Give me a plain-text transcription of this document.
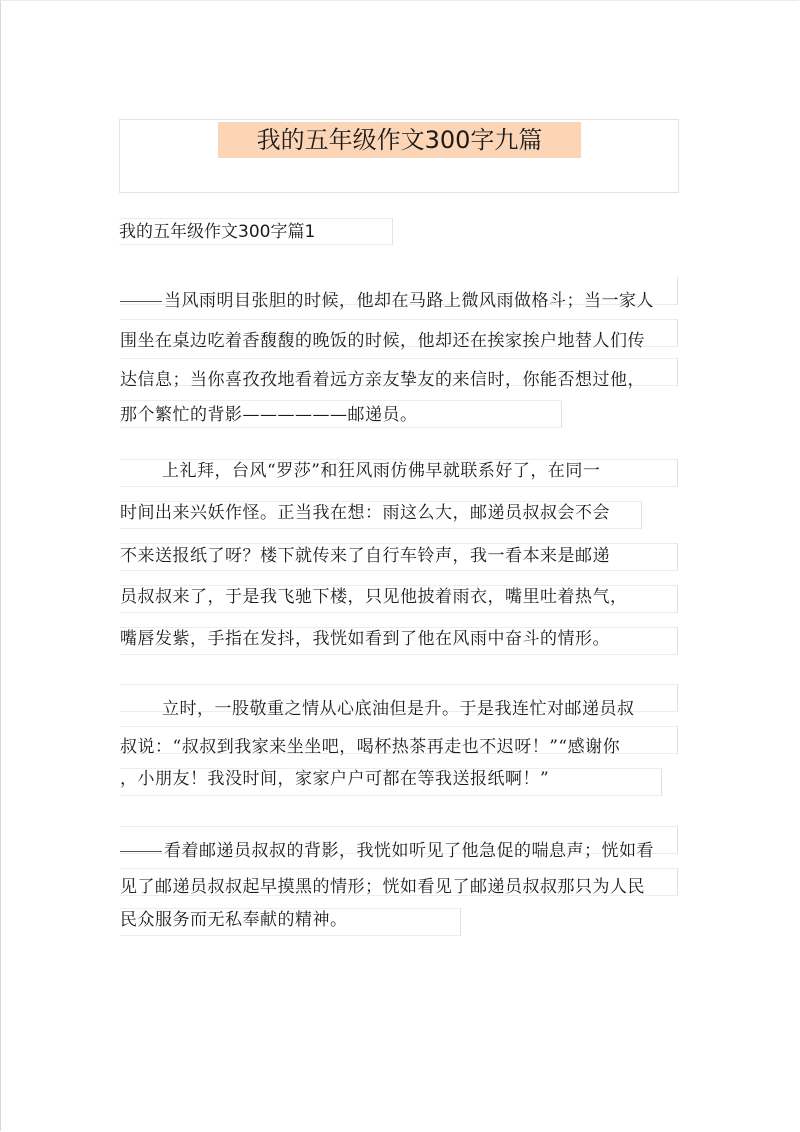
我的五年级作文300字九篇
我的五年级作文300字篇1
当风雨明目张胆的时候，他却在马路上微风雨做格斗；当一家人
围坐在桌边吃着香馥馥的晚饭的时候，他却还在挨家挨户地替人们传
达信息；当你喜孜孜地看着远方亲友挚友的来信时，你能否想过他，
那个繁忙的背影——————邮递员。
上礼拜，台风“罗莎”和狂风雨仿佛早就联系好了，在同一
时间出来兴妖作怪。正当我在想：雨这么大，邮递员叔叔会不会
不来送报纸了呀？楼下就传来了自行车铃声，我一看本来是邮递
员叔叔来了，于是我飞驰下楼，只见他披着雨衣，嘴里吐着热气，
嘴唇发紫，手指在发抖，我恍如看到了他在风雨中奋斗的情形。
立时，一股敬重之情从心底油但是升。于是我连忙对邮递员叔
叔说：“叔叔到我家来坐坐吧，喝杯热茶再走也不迟呀！”“感谢你
，小朋友！我没时间，家家户户可都在等我送报纸啊！”
看着邮递员叔叔的背影，我恍如听见了他急促的喘息声；恍如看
见了邮递员叔叔起早摸黑的情形；恍如看见了邮递员叔叔那只为人民
民众服务而无私奉献的精神。
